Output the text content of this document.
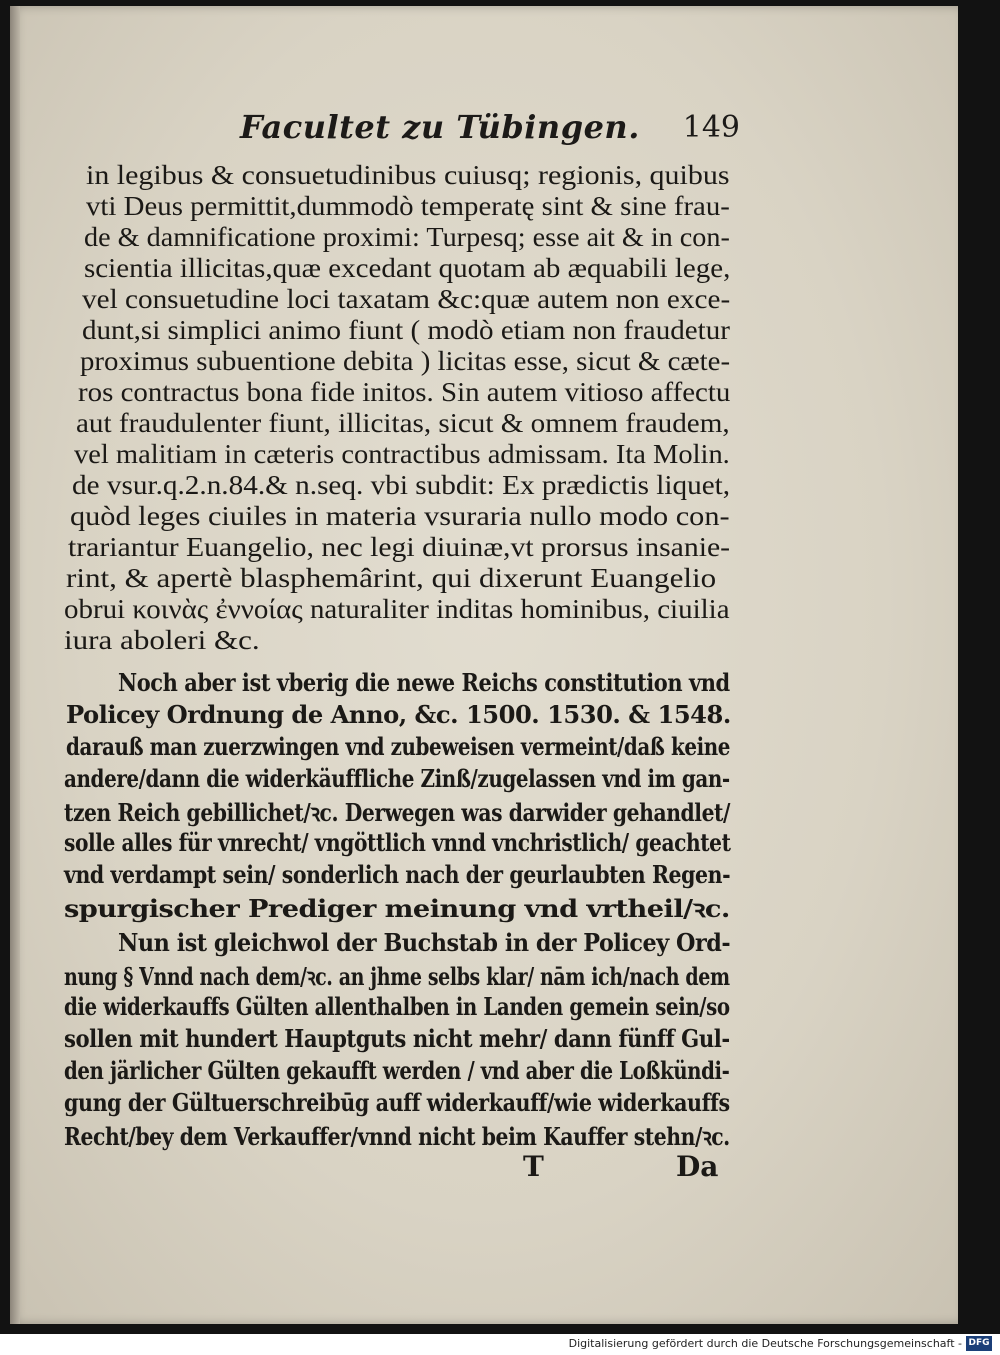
Facultet zu Tübingen. 149
in legibus & consuetudinibus cuiusq; regionis, quibus
vti Deus permittit,dummodò temperatę sint & sine frau-
de & damnificatione proximi: Turpesq; esse ait & in con-
scientia illicitas,quæ excedant quotam ab æquabili lege,
vel consuetudine loci taxatam &c:quæ autem non exce-
dunt,si simplici animo fiunt ( modò etiam non fraudetur
proximus subuentione debita ) licitas esse, sicut & cæte-
ros contractus bona fide initos. Sin autem vitioso affectu
aut fraudulenter fiunt, illicitas, sicut & omnem fraudem,
vel malitiam in cæteris contractibus admissam. Ita Molin.
de vsur.q.2.n.84.& n.seq. vbi subdit: Ex prædictis liquet,
quòd leges ciuiles in materia vsuraria nullo modo con-
trariantur Euangelio, nec legi diuinæ,vt prorsus insanie-
rint, & apertè blasphemârint, qui dixerunt Euangelio
obrui κοινὰς ἐννοίας naturaliter inditas hominibus, ciuilia
iura aboleri &c.
Noch aber ist vberig die newe Reichs constitution vnd
Policey Ordnung de Anno, &c. 1500. 1530. & 1548.
darauß man zuerzwingen vnd zubeweisen vermeint/daß keine
andere/dann die widerkäuffliche Zinß/zugelassen vnd im gan-
tzen Reich gebillichet/ꝛc. Derwegen was darwider gehandlet/
solle alles für vnrecht/ vngöttlich vnnd vnchristlich/ geachtet
vnd verdampt sein/ sonderlich nach der geurlaubten Regen-
spurgischer Prediger meinung vnd vrtheil/ꝛc.
Nun ist gleichwol der Buchstab in der Policey Ord-
nung § Vnnd nach dem/ꝛc. an jhme selbs klar/ nām ich/nach dem
die widerkauffs Gülten allenthalben in Landen gemein sein/so
sollen mit hundert Hauptguts nicht mehr/ dann fünff Gul-
den järlicher Gülten gekaufft werden / vnd aber die Loßkündi-
gung der Gültuerschreibūg auff widerkauff/wie widerkauffs
Recht/bey dem Verkauffer/vnnd nicht beim Kauffer stehn/ꝛc.
T	Da
Digitalisierung gefördert durch die Deutsche Forschungsgemeinschaft - DFG
